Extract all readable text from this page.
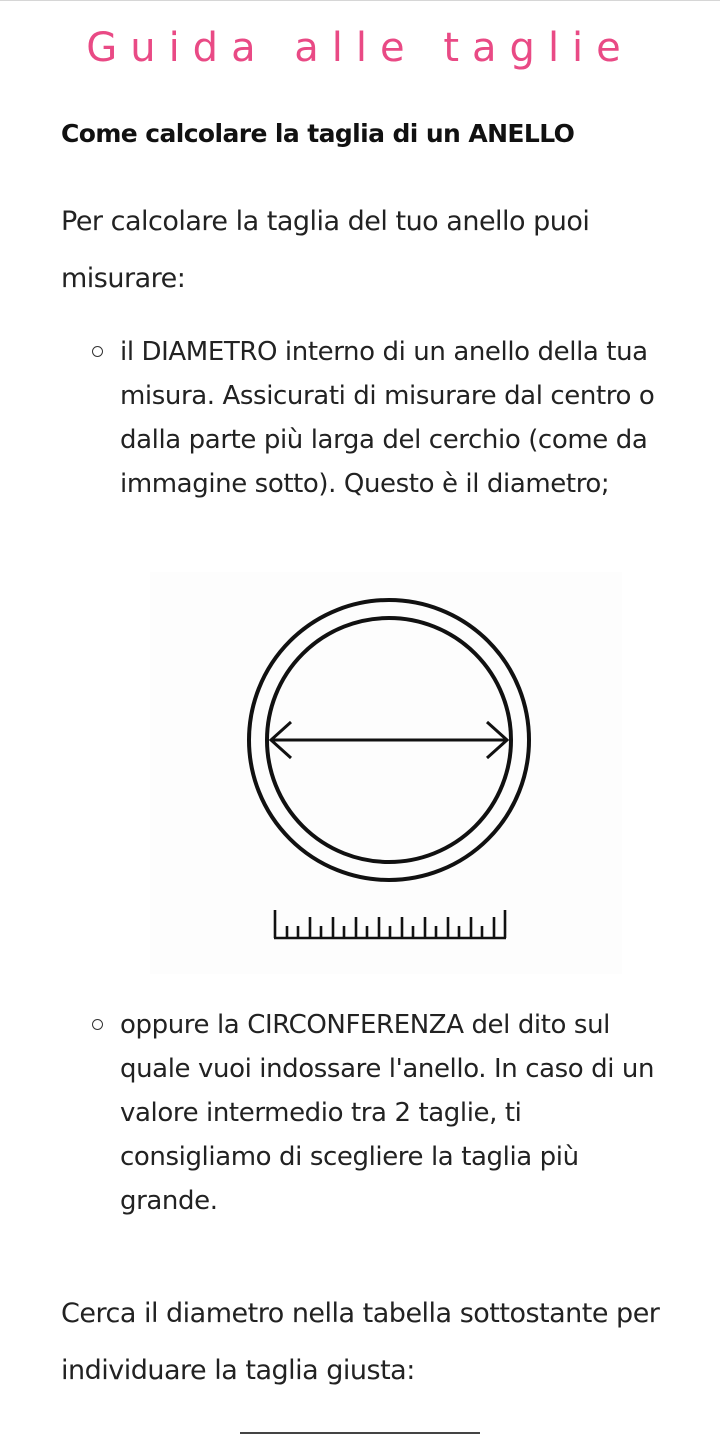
Guida alle taglie
Come calcolare la taglia di un ANELLO

Per calcolare la taglia del tuo anello puoi misurare:

il DIAMETRO interno di un anello della tua misura. Assicurati di misurare dal centro o dalla parte più larga del cerchio (come da immagine sotto). Questo è il diametro;

oppure la CIRCONFERENZA del dito sul quale vuoi indossare l'anello. In caso di un valore intermedio tra 2 taglie, ti consigliamo di scegliere la taglia più grande.

Cerca il diametro nella tabella sottostante per individuare la taglia giusta:
